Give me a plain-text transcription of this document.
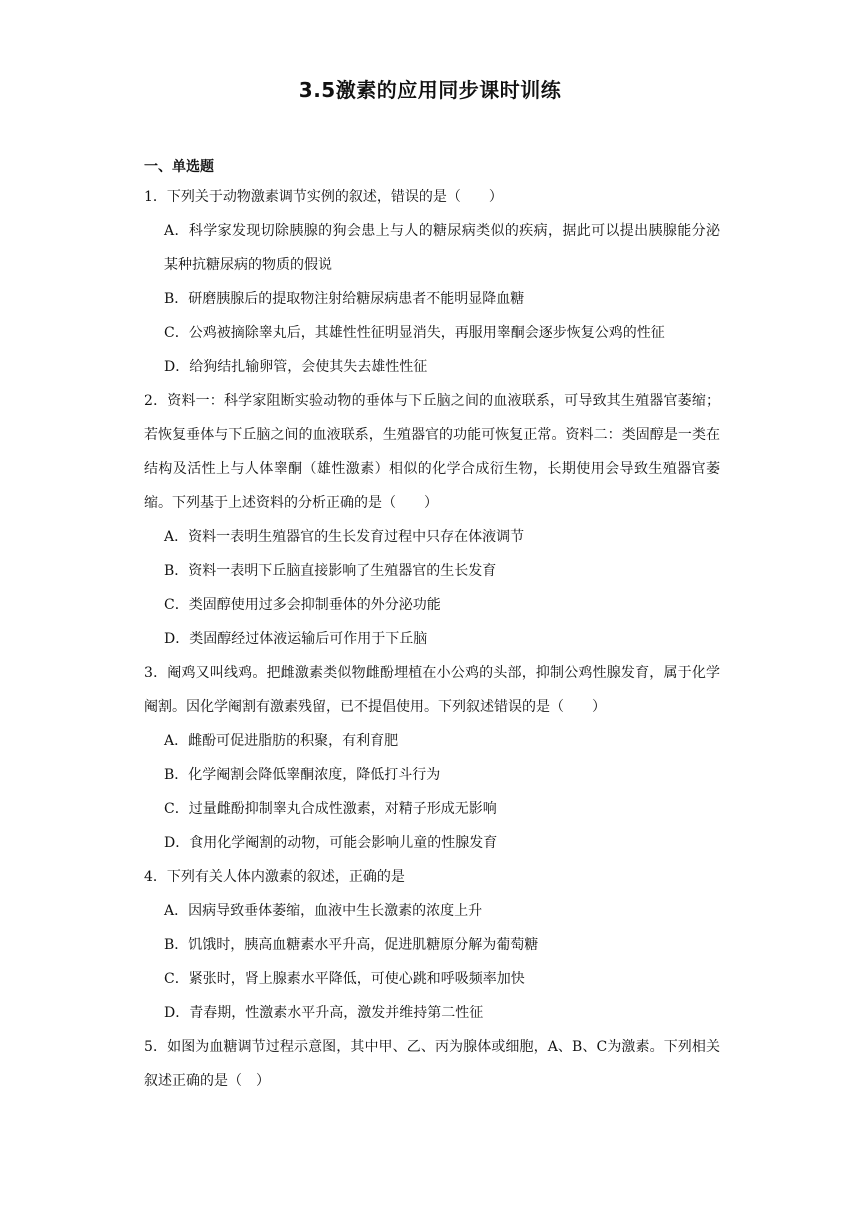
3.5激素的应用同步课时训练
一、单选题
1．下列关于动物激素调节实例的叙述，错误的是（　　）
A．科学家发现切除胰腺的狗会患上与人的糖尿病类似的疾病，据此可以提出胰腺能分泌某种抗糖尿病的物质的假说
B．研磨胰腺后的提取物注射给糖尿病患者不能明显降血糖
C．公鸡被摘除睾丸后，其雄性性征明显消失，再服用睾酮会逐步恢复公鸡的性征
D．给狗结扎输卵管，会使其失去雄性性征
2．资料一：科学家阻断实验动物的垂体与下丘脑之间的血液联系，可导致其生殖器官萎缩；若恢复垂体与下丘脑之间的血液联系，生殖器官的功能可恢复正常。资料二：类固醇是一类在结构及活性上与人体睾酮（雄性激素）相似的化学合成衍生物，长期使用会导致生殖器官萎缩。下列基于上述资料的分析正确的是（　　）
A．资料一表明生殖器官的生长发育过程中只存在体液调节
B．资料一表明下丘脑直接影响了生殖器官的生长发育
C．类固醇使用过多会抑制垂体的外分泌功能
D．类固醇经过体液运输后可作用于下丘脑
3．阉鸡又叫线鸡。把雌激素类似物雌酚埋植在小公鸡的头部，抑制公鸡性腺发育，属于化学阉割。因化学阉割有激素残留，已不提倡使用。下列叙述错误的是（　　）
A．雌酚可促进脂肪的积聚，有利育肥
B．化学阉割会降低睾酮浓度，降低打斗行为
C．过量雌酚抑制睾丸合成性激素，对精子形成无影响
D．食用化学阉割的动物，可能会影响儿童的性腺发育
4．下列有关人体内激素的叙述，正确的是
A．因病导致垂体萎缩，血液中生长激素的浓度上升
B．饥饿时，胰高血糖素水平升高，促进肌糖原分解为葡萄糖
C．紧张时，肾上腺素水平降低，可使心跳和呼吸频率加快
D．青春期，性激素水平升高，激发并维持第二性征
5．如图为血糖调节过程示意图，其中甲、乙、丙为腺体或细胞，A、B、C为激素。下列相关叙述正确的是（　）
